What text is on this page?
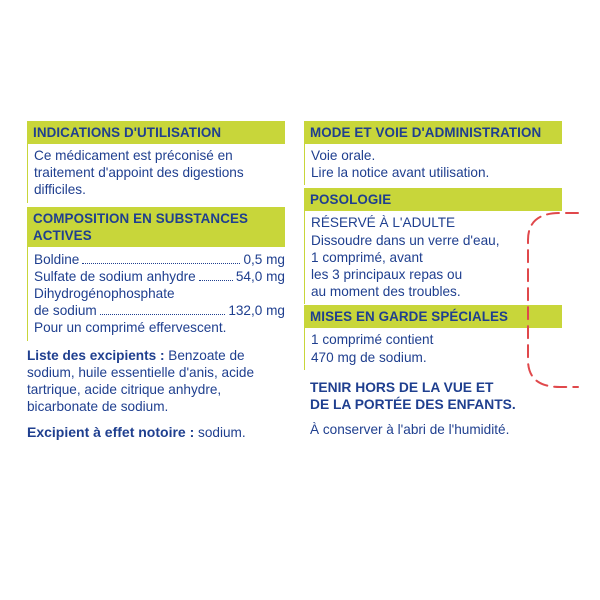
INDICATIONS D'UTILISATION
Ce médicament est préconisé en
traitement d'appoint des digestions
difficiles.
COMPOSITION EN SUBSTANCES
ACTIVES
Boldine	0,5 mg
Sulfate de sodium anhydre	54,0 mg
Dihydrogénophosphate
de sodium	132,0 mg
Pour un comprimé effervescent.
Liste des excipients : Benzoate de
sodium, huile essentielle d'anis, acide
tartrique, acide citrique anhydre,
bicarbonate de sodium.
Excipient à effet notoire : sodium.
MODE ET VOIE D'ADMINISTRATION
Voie orale.
Lire la notice avant utilisation.
POSOLOGIE
RÉSERVÉ À L'ADULTE
Dissoudre dans un verre d'eau,
1 comprimé, avant
les 3 principaux repas ou
au moment des troubles.
MISES EN GARDE SPÉCIALES
1 comprimé contient
470 mg de sodium.
TENIR HORS DE LA VUE ET
DE LA PORTÉE DES ENFANTS.
À conserver à l'abri de l'humidité.
